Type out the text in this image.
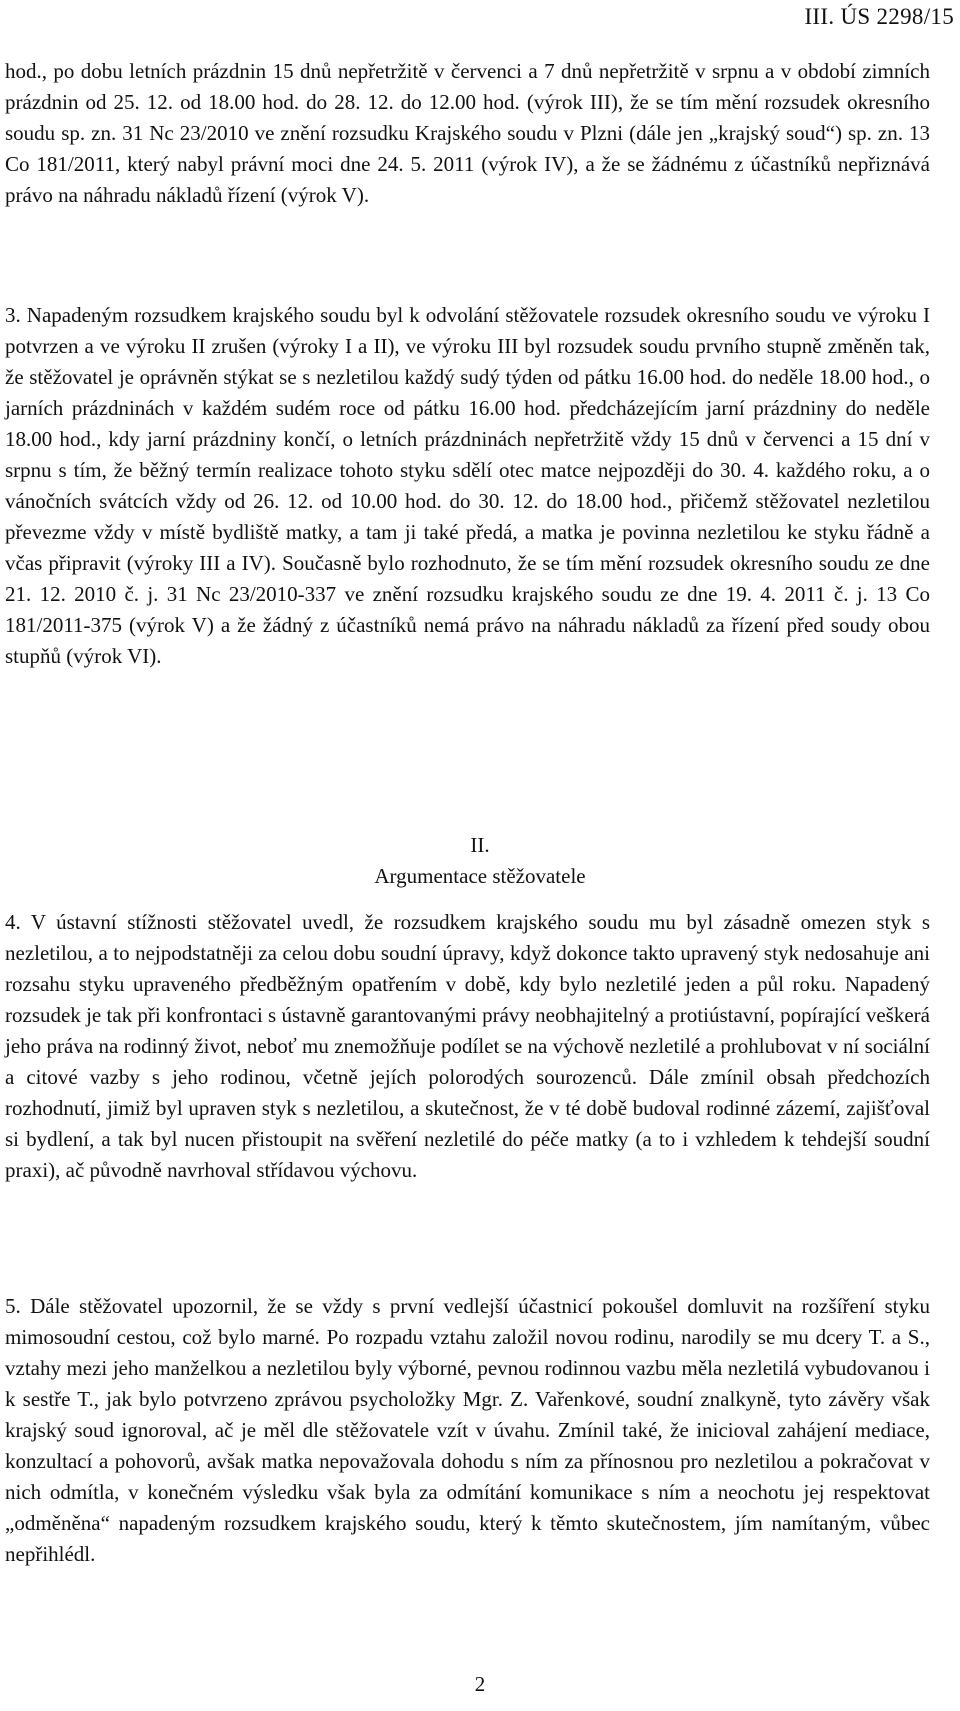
III. ÚS 2298/15

hod., po dobu letních prázdnin 15 dnů nepřetržitě v červenci a 7 dnů nepřetržitě v srpnu a v období zimních prázdnin od 25. 12. od 18.00 hod. do 28. 12. do 12.00 hod. (výrok III), že se tím mění rozsudek okresního soudu sp. zn. 31 Nc 23/2010 ve znění rozsudku Krajského soudu v Plzni (dále jen „krajský soud“) sp. zn. 13 Co 181/2011, který nabyl právní moci dne 24. 5. 2011 (výrok IV), a že se žádnému z účastníků nepřiznává právo na náhradu nákladů řízení (výrok V).

3. Napadeným rozsudkem krajského soudu byl k odvolání stěžovatele rozsudek okresního soudu ve výroku I potvrzen a ve výroku II zrušen (výroky I a II), ve výroku III byl rozsudek soudu prvního stupně změněn tak, že stěžovatel je oprávněn stýkat se s nezletilou každý sudý týden od pátku 16.00 hod. do neděle 18.00 hod., o jarních prázdninách v každém sudém roce od pátku 16.00 hod. předcházejícím jarní prázdniny do neděle 18.00 hod., kdy jarní prázdniny končí, o letních prázdninách nepřetržitě vždy 15 dnů v červenci a 15 dní v srpnu s tím, že běžný termín realizace tohoto styku sdělí otec matce nejpozději do 30. 4. každého roku, a o vánočních svátcích vždy od 26. 12. od 10.00 hod. do 30. 12. do 18.00 hod., přičemž stěžovatel nezletilou převezme vždy v místě bydliště matky, a tam ji také předá, a matka je povinna nezletilou ke styku řádně a včas připravit (výroky III a IV). Současně bylo rozhodnuto, že se tím mění rozsudek okresního soudu ze dne 21. 12. 2010 č. j. 31 Nc 23/2010-337 ve znění rozsudku krajského soudu ze dne 19. 4. 2011 č. j. 13 Co 181/2011-375 (výrok V) a že žádný z účastníků nemá právo na náhradu nákladů za řízení před soudy obou stupňů (výrok VI).

II.
Argumentace stěžovatele

4. V ústavní stížnosti stěžovatel uvedl, že rozsudkem krajského soudu mu byl zásadně omezen styk s nezletilou, a to nejpodstatněji za celou dobu soudní úpravy, když dokonce takto upravený styk nedosahuje ani rozsahu styku upraveného předběžným opatřením v době, kdy bylo nezletilé jeden a půl roku. Napadený rozsudek je tak při konfrontaci s ústavně garantovanými právy neobhajitelný a protiústavní, popírající veškerá jeho práva na rodinný život, neboť mu znemožňuje podílet se na výchově nezletilé a prohlubovat v ní sociální a citové vazby s jeho rodinou, včetně jejích polorodých sourozenců. Dále zmínil obsah předchozích rozhodnutí, jimiž byl upraven styk s nezletilou, a skutečnost, že v té době budoval rodinné zázemí, zajišťoval si bydlení, a tak byl nucen přistoupit na svěření nezletilé do péče matky (a to i vzhledem k tehdejší soudní praxi), ač původně navrhoval střídavou výchovu.

5. Dále stěžovatel upozornil, že se vždy s první vedlejší účastnicí pokoušel domluvit na rozšíření styku mimosoudní cestou, což bylo marné. Po rozpadu vztahu založil novou rodinu, narodily se mu dcery T. a S., vztahy mezi jeho manželkou a nezletilou byly výborné, pevnou rodinnou vazbu měla nezletilá vybudovanou i k sestře T., jak bylo potvrzeno zprávou psycholožky Mgr. Z. Vařenkové, soudní znalkyně, tyto závěry však krajský soud ignoroval, ač je měl dle stěžovatele vzít v úvahu. Zmínil také, že inicioval zahájení mediace, konzultací a pohovorů, avšak matka nepovažovala dohodu s ním za přínosnou pro nezletilou a pokračovat v nich odmítla, v konečném výsledku však byla za odmítání komunikace s ním a neochotu jej respektovat „odměněna“ napadeným rozsudkem krajského soudu, který k těmto skutečnostem, jím namítaným, vůbec nepřihlédl.

2
